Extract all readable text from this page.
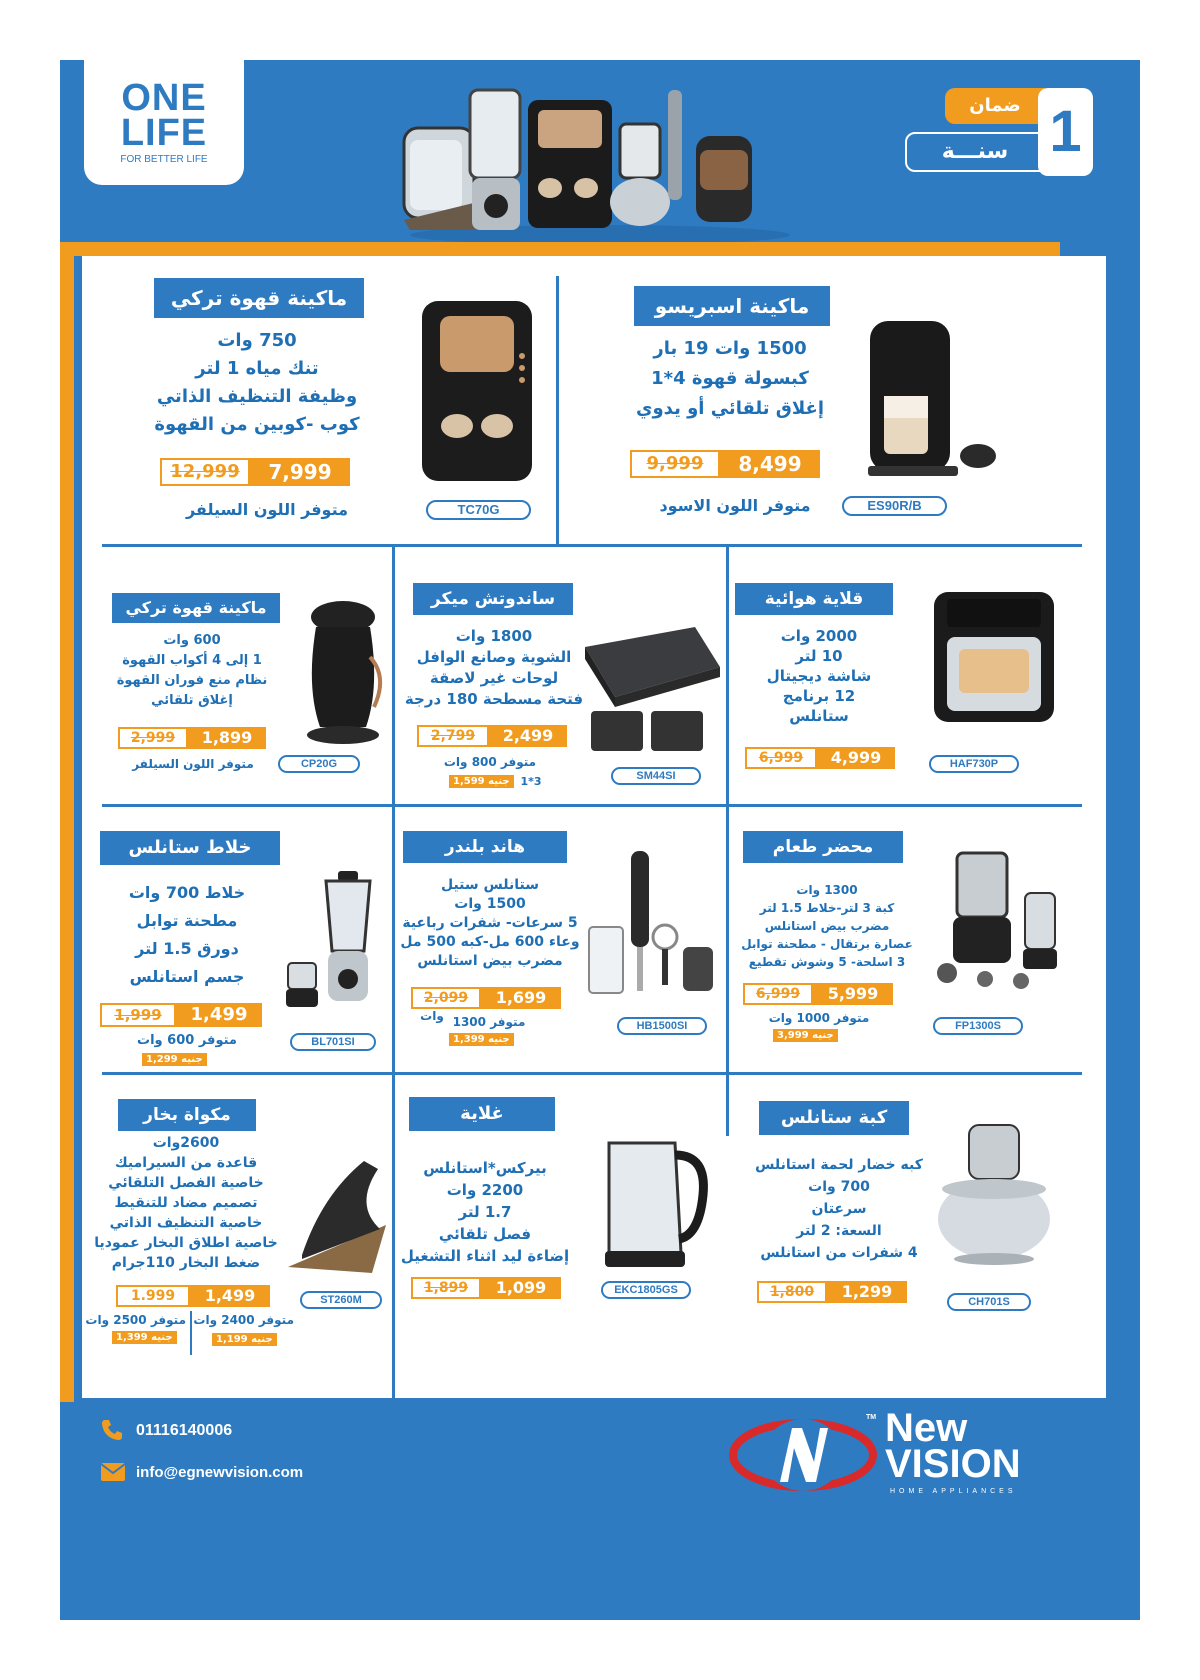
ONE
LIFE
FOR BETTER LIFE
ضمان
سنـــة 1
ماكينة اسبريسو
1500 وات 19 بار
كبسولة قهوة 4*1
إغلاق تلقائي أو يدوي
9,999	8,499
متوفر اللون الاسود	ES90R/B
ماكينة قهوة تركي
750 وات
تنك مياه 1 لتر
وظيفة التنظيف الذاتي
كوب -كوبين من القهوة
12,999	7,999
متوفر اللون السيلفر	TC70G
قلاية هوائية
2000 وات
10 لتر
شاشة ديجيتال
12 برنامج
ستانلس
6,999	4,999	HAF730P
ساندوتش ميكر
1800 وات
الشوية وصانع الوافل
لوحات غير لاصقة
فتحة مسطحة 180 درجة
2,799	2,499
متوفر 800 وات
3*1
1,599 جنيه	SM44SI
ماكينة قهوة تركي
600 وات
1 إلى 4 أكواب القهوة
نظام منع فوران القهوة
إغلاق تلقائي
2,999	1,899
متوفر اللون السيلفر	CP20G
محضر طعام
1300 وات
كبة 3 لتر-خلاط 1.5 لتر
مضرب بيض استانلس
عصارة برتقال - مطحنة توابل
3 اسلحة- 5 وشوش تقطيع
6,999	5,999
متوفر 1000 وات
3,999 جنيه
FP1300S
هاند بلندر
ستانلس ستيل
1500 وات
5 سرعات- شفرات رباعية
وعاء 600 مل-كبه 500 مل
مضرب بيض استانلس
2,099	1,699
متوفر 1300
وات
1,399 جنيه
HB1500SI
خلاط ستانلس
خلاط 700 وات
مطحنة توابل
دورق 1.5 لتر
جسم استانلس
1,999	1,499
متوفر 600 وات
1,299 جنيه
BL701SI
كبة ستانلس
كبه خضار لحمة استانلس
700 وات
سرعتان
السعة: 2 لتر
4 شفرات من استانلس
1,800	1,299
CH701S
غلاية
بيركس*استانلس
2200 وات
1.7 لتر
فصل تلقائي
إضاءة ليد اثناء التشغيل
1,899	1,099	EKC1805GS
مكواة بخار
2600وات
قاعدة من السيراميك
خاصية الفصل التلقائي
تصميم مضاد للتنقيط
خاصية التنظيف الذاتي
خاصية اطلاق البخار عموديا
ضغط البخار 110جرام
1.999	1,499
متوفر 2400 وات
1,199 جنيه
متوفر 2500 وات
1,399 جنيه
ST260M
01116140006
info@egnewvision.com
TM New
VISION
HOME APPLIANCES
